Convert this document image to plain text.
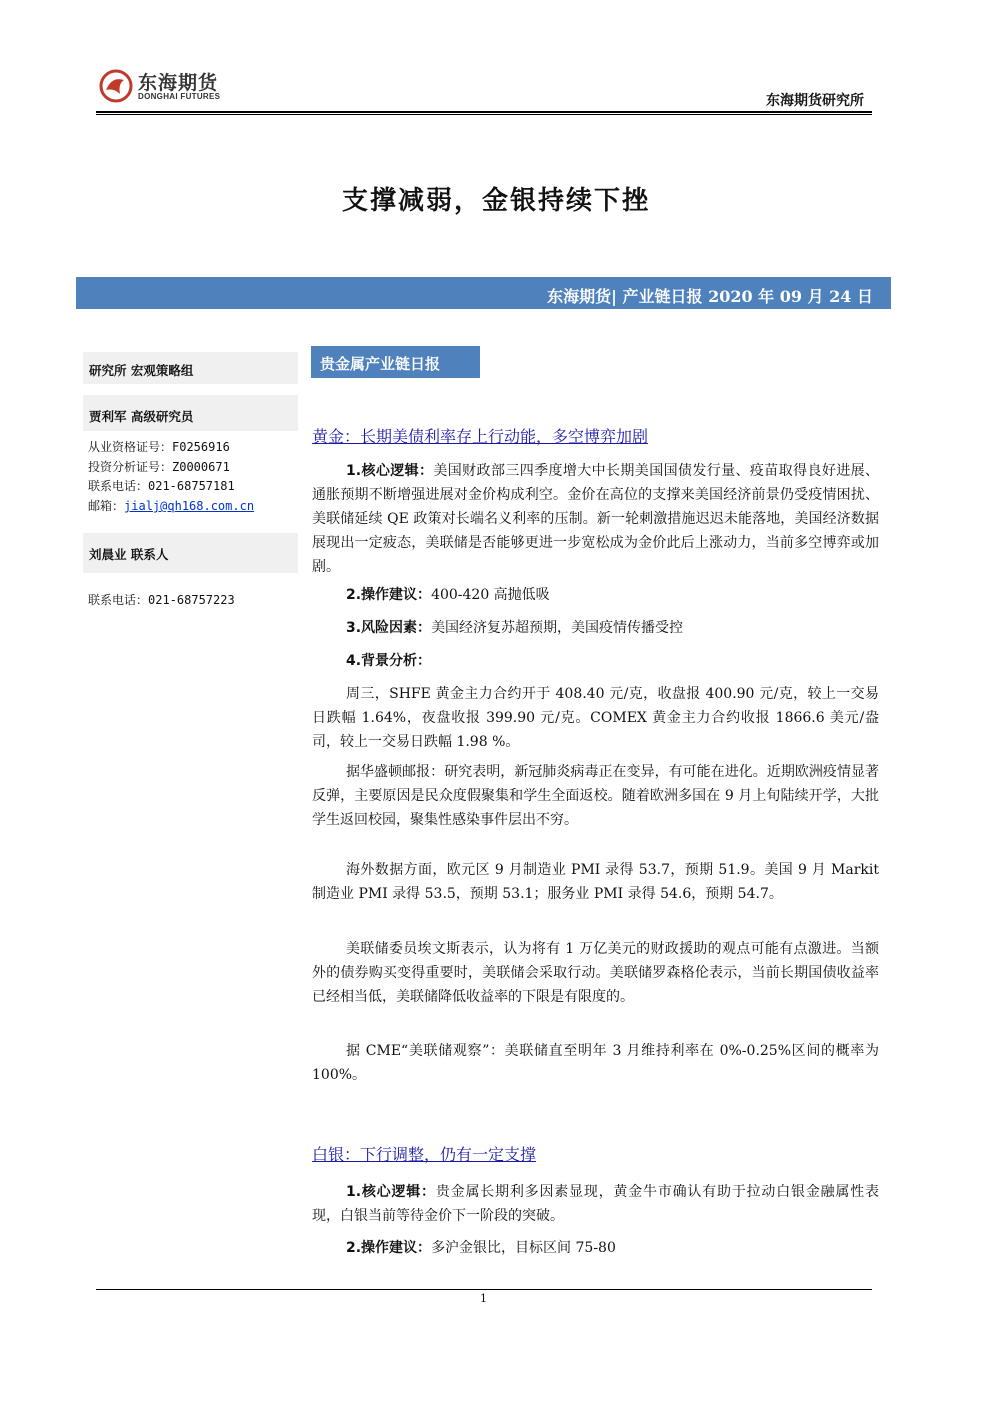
东海期货
DONGHAI FUTURES	东海期货研究所
支撑减弱，金银持续下挫
东海期货| 产业链日报 2020 年 09 月 24 日
研究所 宏观策略组
贾利军 高级研究员
从业资格证号：F0256916
投资分析证号：Z0000671
联系电话：021-68757181
邮箱：jialj@qh168.com.cn
刘晨业 联系人
联系电话：021-68757223
贵金属产业链日报
黄金：长期美债利率存上行动能，多空博弈加剧
1.核心逻辑：美国财政部三四季度增大中长期美国国债发行量、疫苗取得良好进展、通胀预期不断增强进展对金价构成利空。金价在高位的支撑来美国经济前景仍受疫情困扰、美联储延续 QE 政策对长端名义利率的压制。新一轮刺激措施迟迟未能落地，美国经济数据展现出一定疲态，美联储是否能够更进一步宽松成为金价此后上涨动力，当前多空博弈或加剧。
2.操作建议：400-420 高抛低吸
3.风险因素：美国经济复苏超预期，美国疫情传播受控
4.背景分析：
周三，SHFE 黄金主力合约开于 408.40 元/克，收盘报 400.90 元/克，较上一交易日跌幅 1.64%，夜盘收报 399.90 元/克。COMEX 黄金主力合约收报 1866.6 美元/盎司，较上一交易日跌幅 1.98 %。
据华盛顿邮报：研究表明，新冠肺炎病毒正在变异，有可能在进化。近期欧洲疫情显著反弹，主要原因是民众度假聚集和学生全面返校。随着欧洲多国在 9 月上旬陆续开学，大批学生返回校园，聚集性感染事件层出不穷。
海外数据方面，欧元区 9 月制造业 PMI 录得 53.7，预期 51.9。美国 9 月 Markit 制造业 PMI 录得 53.5，预期 53.1；服务业 PMI 录得 54.6，预期 54.7。
美联储委员埃文斯表示，认为将有 1 万亿美元的财政援助的观点可能有点激进。当额外的债券购买变得重要时，美联储会采取行动。美联储罗森格伦表示，当前长期国债收益率已经相当低，美联储降低收益率的下限是有限度的。
据 CME“美联储观察”：美联储直至明年 3 月维持利率在 0%-0.25%区间的概率为 100%。
白银：下行调整，仍有一定支撑
1.核心逻辑：贵金属长期利多因素显现，黄金牛市确认有助于拉动白银金融属性表现，白银当前等待金价下一阶段的突破。
2.操作建议：多沪金银比，目标区间 75-80
1
